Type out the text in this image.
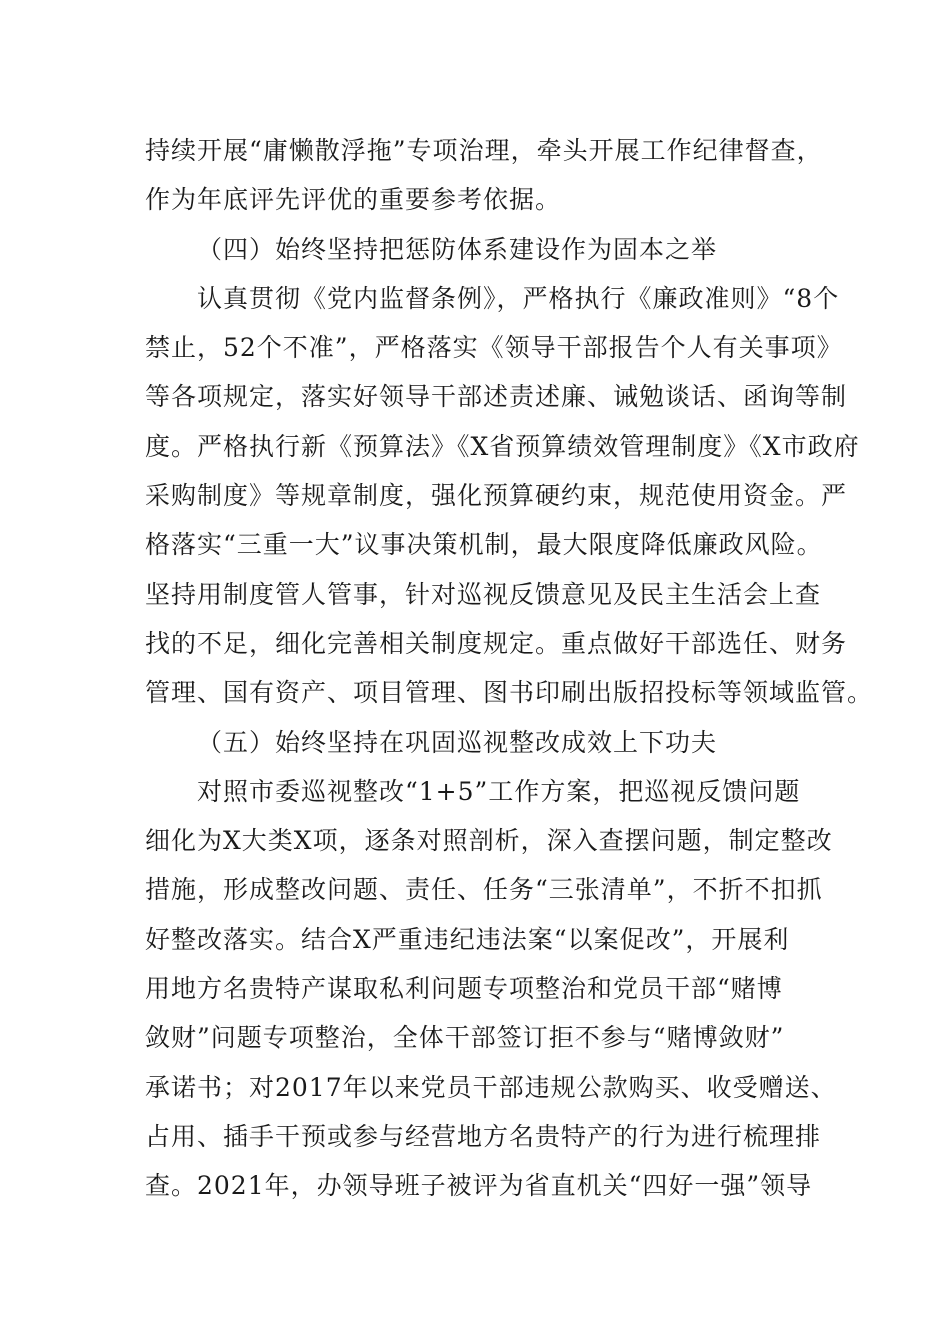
持续开展“庸懒散浮拖”专项治理，牵头开展工作纪律督查，
作为年底评先评优的重要参考依据。
（四）始终坚持把惩防体系建设作为固本之举
认真贯彻《党内监督条例》，严格执行《廉政准则》“8个
禁止，52个不准”，严格落实《领导干部报告个人有关事项》
等各项规定，落实好领导干部述责述廉、诫勉谈话、函询等制
度。严格执行新《预算法》《X省预算绩效管理制度》《X市政府
采购制度》等规章制度，强化预算硬约束，规范使用资金。严
格落实“三重一大”议事决策机制，最大限度降低廉政风险。
坚持用制度管人管事，针对巡视反馈意见及民主生活会上查
找的不足，细化完善相关制度规定。重点做好干部选任、财务
管理、国有资产、项目管理、图书印刷出版招投标等领域监管。
（五）始终坚持在巩固巡视整改成效上下功夫
对照市委巡视整改“1+5”工作方案，把巡视反馈问题
细化为X大类X项，逐条对照剖析，深入查摆问题，制定整改
措施，形成整改问题、责任、任务“三张清单”，不折不扣抓
好整改落实。结合X严重违纪违法案“以案促改”，开展利
用地方名贵特产谋取私利问题专项整治和党员干部“赌博
敛财”问题专项整治，全体干部签订拒不参与“赌博敛财”
承诺书；对2017年以来党员干部违规公款购买、收受赠送、
占用、插手干预或参与经营地方名贵特产的行为进行梳理排
查。2021年，办领导班子被评为省直机关“四好一强”领导
